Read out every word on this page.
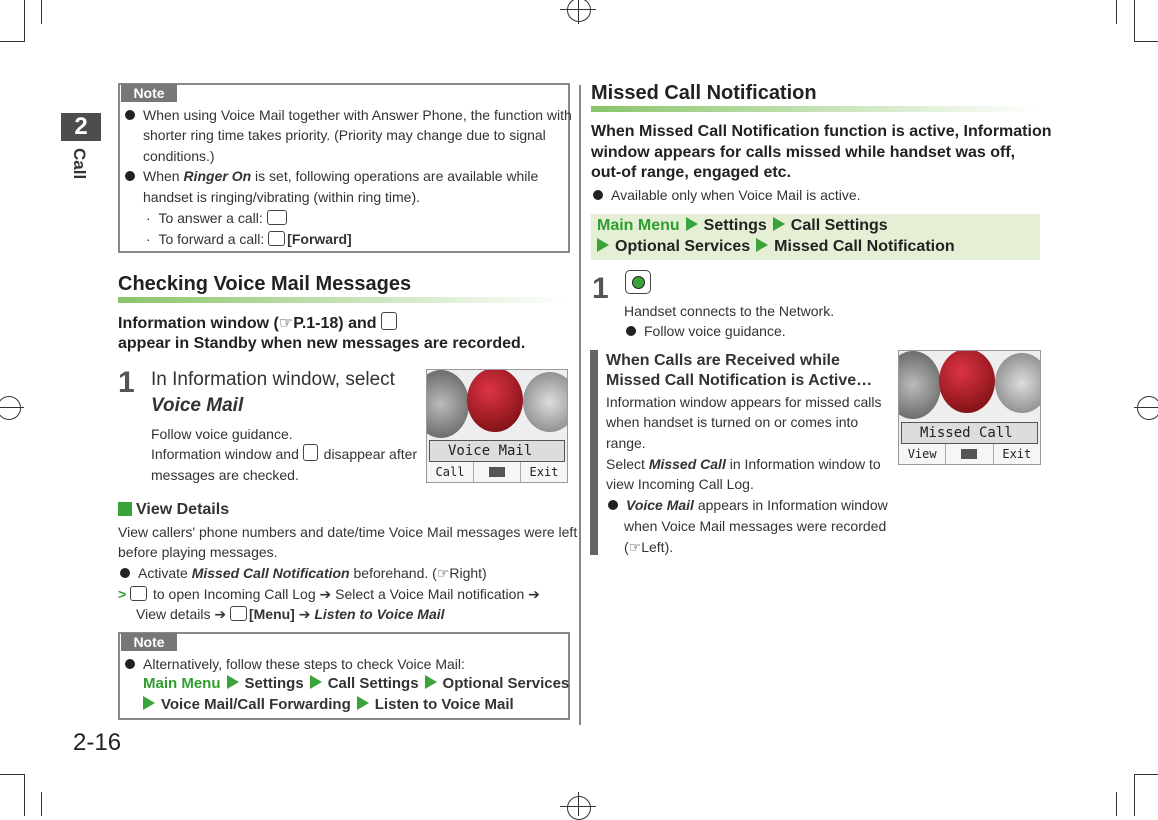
2
Call
2-16
Note
When using Voice Mail together with Answer Phone, the function with
shorter ring time takes priority. (Priority may change due to signal
conditions.)
When Ringer On is set, following operations are available while
handset is ringing/vibrating (within ring time).
·  To answer a call:
·  To forward a call: [Forward]
Checking Voice Mail Messages
Information window (☞P.1-18) and
appear in Standby when new messages are recorded.
1 In Information window, select
Voice Mail
Follow voice guidance.
Information window and disappear after
messages are checked.
Voice Mail
Call	Exit
View Details
View callers' phone numbers and date/time Voice Mail messages were left
before playing messages.
Activate Missed Call Notification beforehand. (☞Right)
> to open Incoming Call Log ➔ Select a Voice Mail notification ➔
View details ➔ [Menu] ➔ Listen to Voice Mail
Note
Alternatively, follow these steps to check Voice Mail:
Main Menu Settings Call Settings Optional Services
Voice Mail/Call Forwarding Listen to Voice Mail
Missed Call Notification
When Missed Call Notification function is active, Information
window appears for calls missed while handset was off,
out-of range, engaged etc.
Available only when Voice Mail is active.
Main Menu Settings Call Settings
Optional Services Missed Call Notification
1
Handset connects to the Network.
Follow voice guidance.
When Calls are Received while
Missed Call Notification is Active…
Information window appears for missed calls
when handset is turned on or comes into
range.
Select Missed Call in Information window to
view Incoming Call Log.
Voice Mail appears in Information window
when Voice Mail messages were recorded
(☞Left).
Missed Call
View	Exit
